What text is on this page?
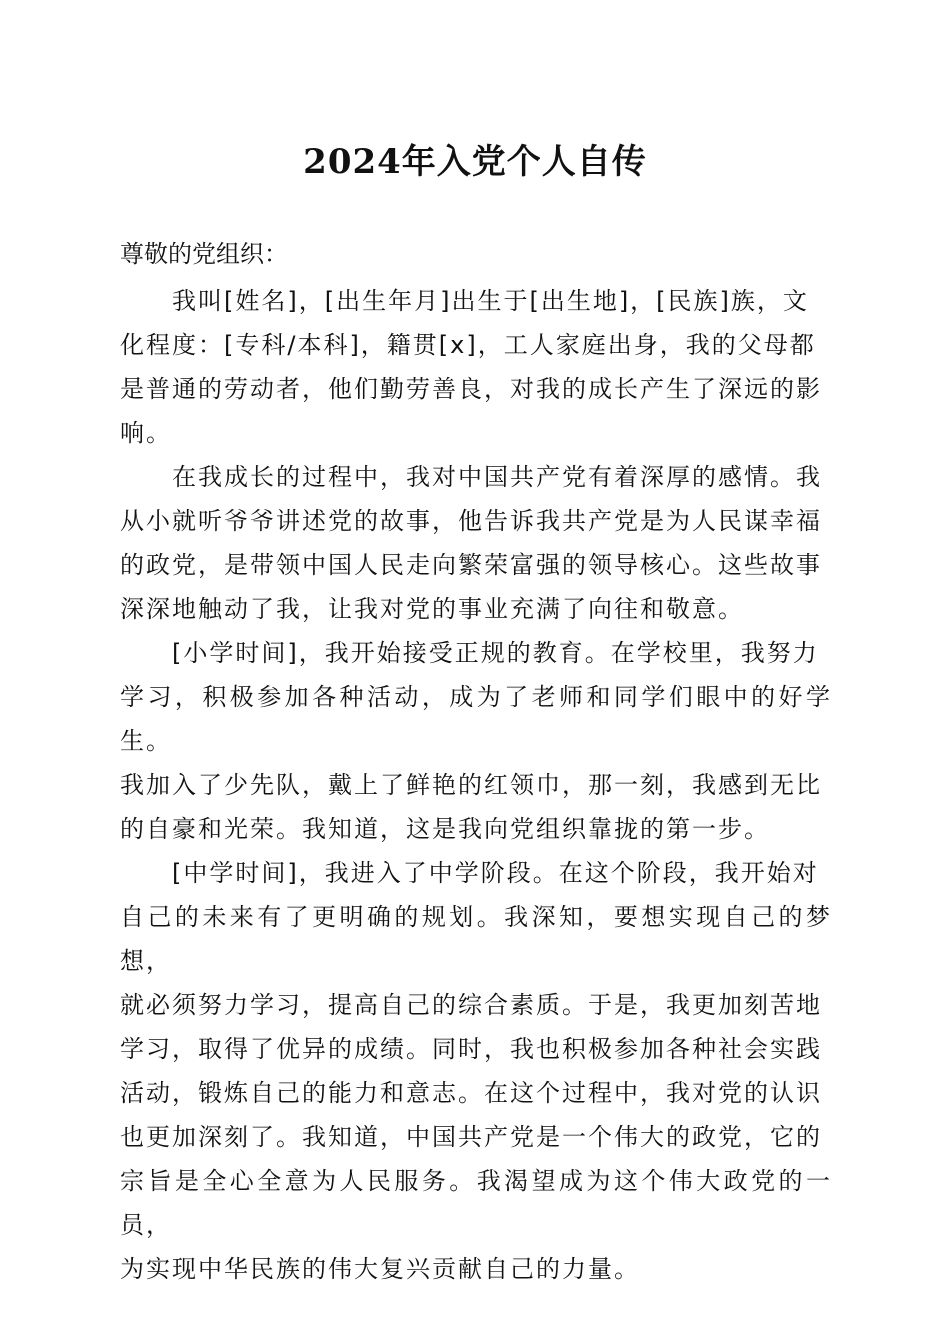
2024年入党个人自传

尊敬的党组织：

我叫[姓名]，[出生年月]出生于[出生地]，[民族]族，文
化程度：[专科/本科]，籍贯[x]，工人家庭出身，我的父母都
是普通的劳动者，他们勤劳善良，对我的成长产生了深远的影
响。

在我成长的过程中，我对中国共产党有着深厚的感情。我
从小就听爷爷讲述党的故事，他告诉我共产党是为人民谋幸福
的政党，是带领中国人民走向繁荣富强的领导核心。这些故事
深深地触动了我，让我对党的事业充满了向往和敬意。

[小学时间]，我开始接受正规的教育。在学校里，我努力
学习，积极参加各种活动，成为了老师和同学们眼中的好学生。
我加入了少先队，戴上了鲜艳的红领巾，那一刻，我感到无比
的自豪和光荣。我知道，这是我向党组织靠拢的第一步。

[中学时间]，我进入了中学阶段。在这个阶段，我开始对
自己的未来有了更明确的规划。我深知，要想实现自己的梦想，
就必须努力学习，提高自己的综合素质。于是，我更加刻苦地
学习，取得了优异的成绩。同时，我也积极参加各种社会实践
活动，锻炼自己的能力和意志。在这个过程中，我对党的认识
也更加深刻了。我知道，中国共产党是一个伟大的政党，它的
宗旨是全心全意为人民服务。我渴望成为这个伟大政党的一员，
为实现中华民族的伟大复兴贡献自己的力量。
